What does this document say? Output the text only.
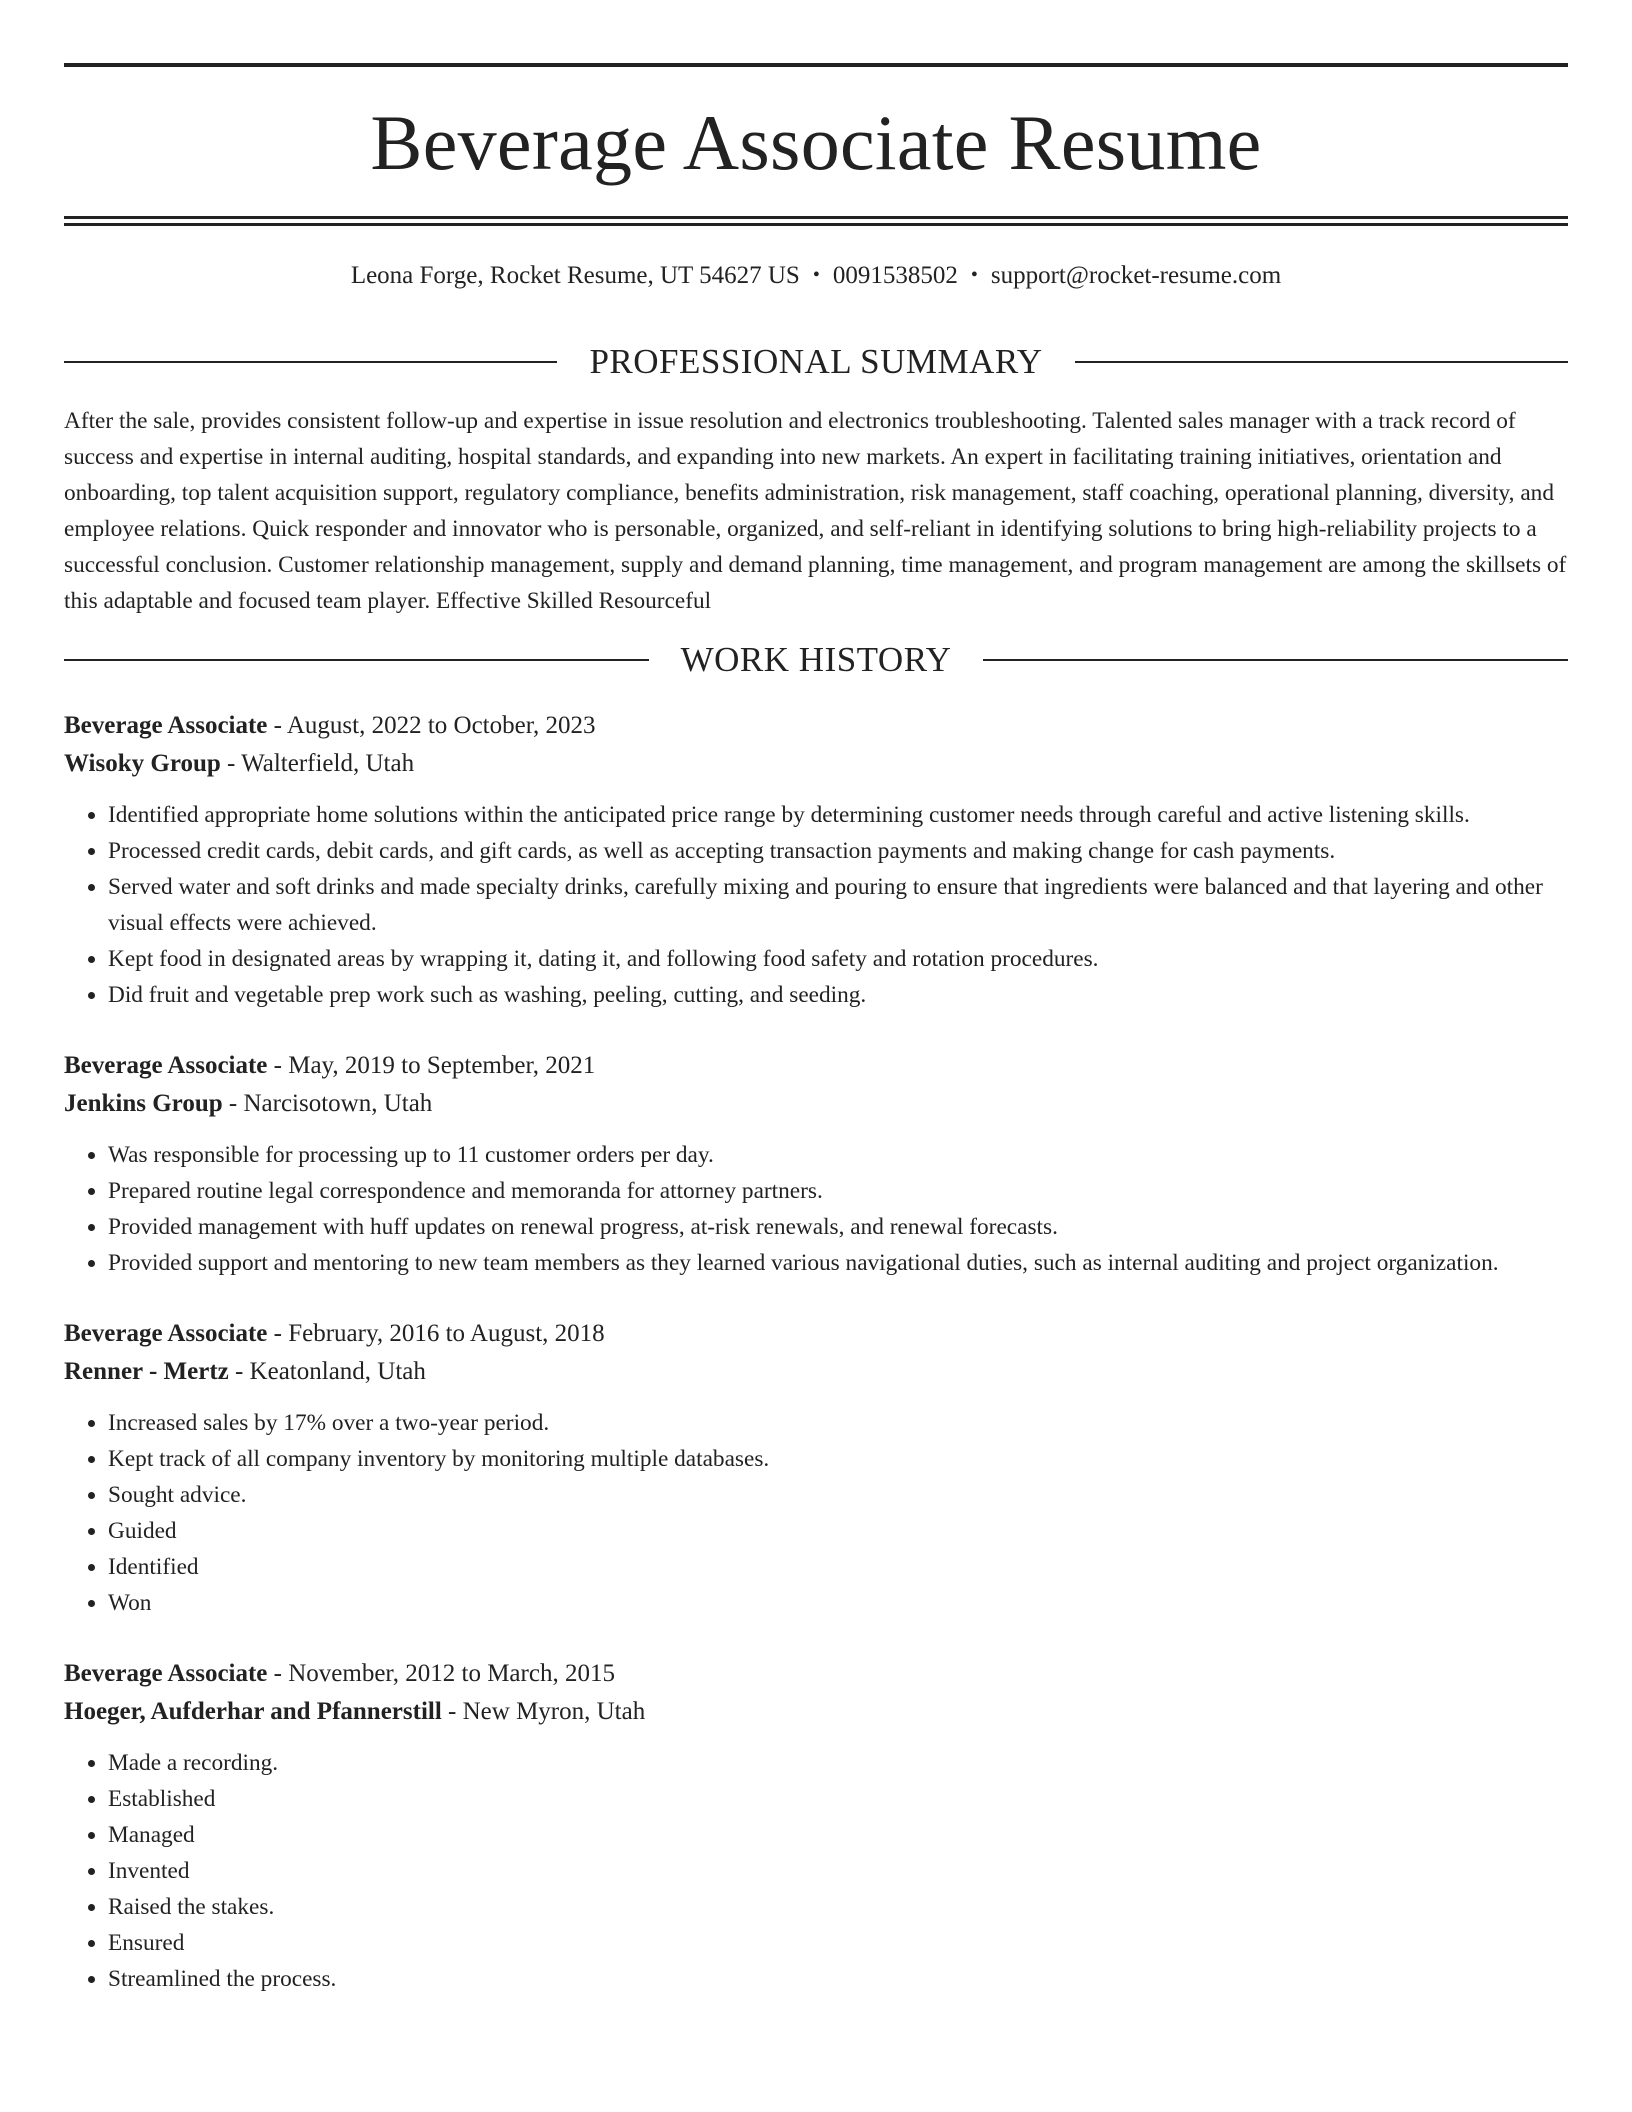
Beverage Associate Resume
Leona Forge, Rocket Resume, UT 54627 US • 0091538502 • support@rocket-resume.com
PROFESSIONAL SUMMARY

After the sale, provides consistent follow-up and expertise in issue resolution and electronics troubleshooting. Talented sales manager with a track record of success and expertise in internal auditing, hospital standards, and expanding into new markets. An expert in facilitating training initiatives, orientation and onboarding, top talent acquisition support, regulatory compliance, benefits administration, risk management, staff coaching, operational planning, diversity, and employee relations. Quick responder and innovator who is personable, organized, and self-reliant in identifying solutions to bring high-reliability projects to a successful conclusion. Customer relationship management, supply and demand planning, time management, and program management are among the skillsets of this adaptable and focused team player. Effective Skilled Resourceful

WORK HISTORY
Beverage Associate - August, 2022 to October, 2023
Wisoky Group - Walterfield, Utah
• Identified appropriate home solutions within the anticipated price range by determining customer needs through careful and active listening skills.
• Processed credit cards, debit cards, and gift cards, as well as accepting transaction payments and making change for cash payments.
• Served water and soft drinks and made specialty drinks, carefully mixing and pouring to ensure that ingredients were balanced and that layering and other visual effects were achieved.
• Kept food in designated areas by wrapping it, dating it, and following food safety and rotation procedures.
• Did fruit and vegetable prep work such as washing, peeling, cutting, and seeding.
Beverage Associate - May, 2019 to September, 2021
Jenkins Group - Narcisotown, Utah
• Was responsible for processing up to 11 customer orders per day.
• Prepared routine legal correspondence and memoranda for attorney partners.
• Provided management with huff updates on renewal progress, at-risk renewals, and renewal forecasts.
• Provided support and mentoring to new team members as they learned various navigational duties, such as internal auditing and project organization.
Beverage Associate - February, 2016 to August, 2018
Renner - Mertz - Keatonland, Utah
• Increased sales by 17% over a two-year period.
• Kept track of all company inventory by monitoring multiple databases.
• Sought advice.
• Guided
• Identified
• Won
Beverage Associate - November, 2012 to March, 2015
Hoeger, Aufderhar and Pfannerstill - New Myron, Utah
• Made a recording.
• Established
• Managed
• Invented
• Raised the stakes.
• Ensured
• Streamlined the process.
